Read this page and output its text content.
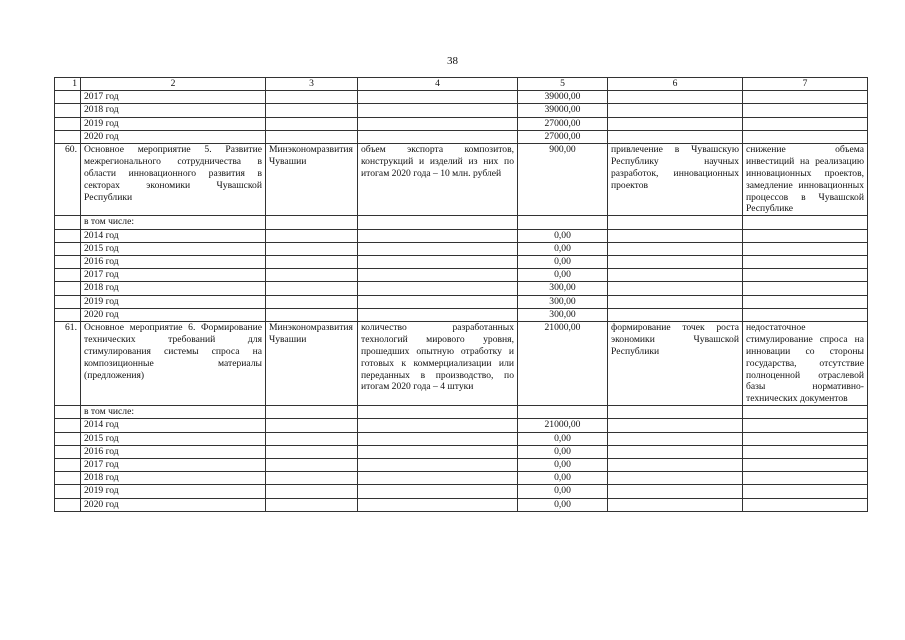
38
1	2	3	4	5	6	7
	2017 год			39000,00		
	2018 год			39000,00		
	2019 год			27000,00		
	2020 год			27000,00		
60.	Основное мероприятие 5. Развитие межрегионального сотрудничества в области инновационного развития в секторах экономики Чувашской Республики	Минэкономразвития Чувашии	объем экспорта композитов, конструкций и изделий из них по итогам 2020 года – 10 млн. рублей	900,00	привлечение в Чувашскую Республику научных разработок, инновационных проектов	снижение объема инвестиций на реализацию инновационных проектов, замедление инновационных процессов в Чувашской Республике
	в том числе:					
	2014 год			0,00		
	2015 год			0,00		
	2016 год			0,00		
	2017 год			0,00		
	2018 год			300,00		
	2019 год			300,00		
	2020 год			300,00		
61.	Основное мероприятие 6. Формирование технических требований для стимулирования системы спроса на композиционные материалы (предложения)	Минэкономразвития Чувашии	количество разработанных технологий мирового уровня, прошедших опытную отработку и готовых к коммерциализации или переданных в производство, по итогам 2020 года – 4 штуки	21000,00	формирование точек роста экономики Чувашской Республики	недостаточное стимулирование спроса на инновации со стороны государства, отсутствие полноценной отраслевой базы нормативно-технических документов
	в том числе:					
	2014 год			21000,00		
	2015 год			0,00		
	2016 год			0,00		
	2017 год			0,00		
	2018 год			0,00		
	2019 год			0,00		
	2020 год			0,00		
